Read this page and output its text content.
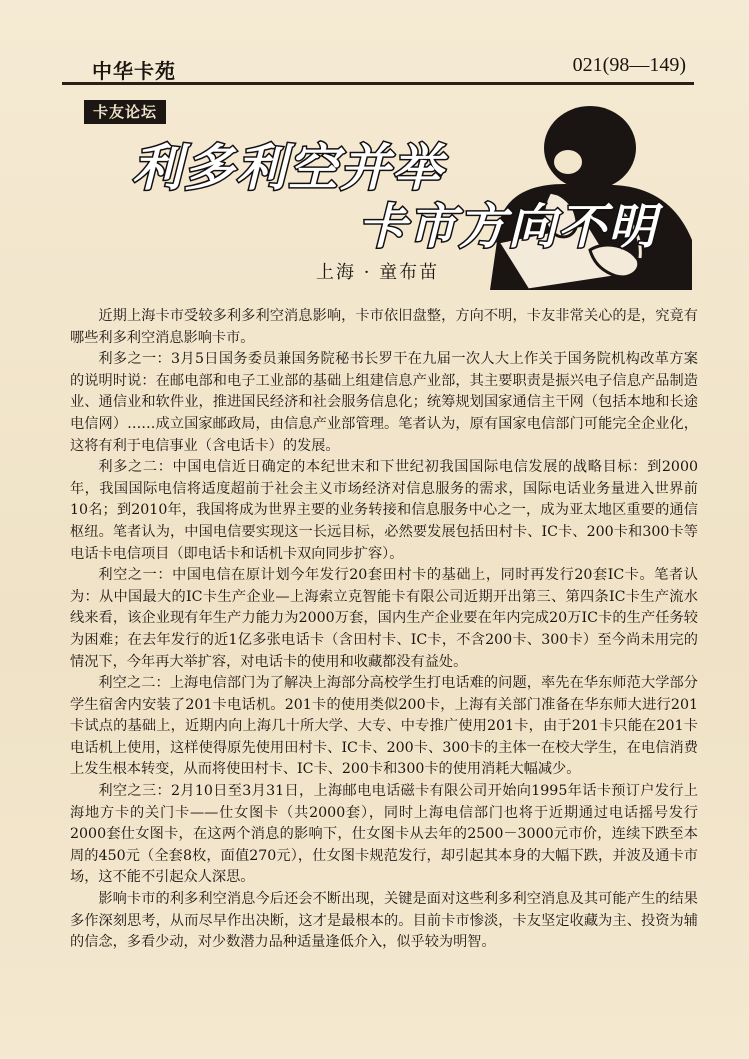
中华卡苑	021(98—149)
卡友论坛
利多利空并举
卡市方向不明
上海 · 童布苗

近期上海卡市受较多利多利空消息影响，卡市依旧盘整，方向不明，卡友非常关心的是，究竟有哪些利多利空消息影响卡市。

利多之一：3月5日国务委员兼国务院秘书长罗干在九届一次人大上作关于国务院机构改革方案的说明时说：在邮电部和电子工业部的基础上组建信息产业部，其主要职责是振兴电子信息产品制造业、通信业和软件业，推进国民经济和社会服务信息化；统筹规划国家通信主干网（包括本地和长途电信网）……成立国家邮政局，由信息产业部管理。笔者认为，原有国家电信部门可能完全企业化，这将有利于电信事业（含电话卡）的发展。

利多之二：中国电信近日确定的本纪世末和下世纪初我国国际电信发展的战略目标：到2000年，我国国际电信将适度超前于社会主义市场经济对信息服务的需求，国际电话业务量进入世界前10名；到2010年，我国将成为世界主要的业务转接和信息服务中心之一，成为亚太地区重要的通信枢纽。笔者认为，中国电信要实现这一长远目标，必然要发展包括田村卡、IC卡、200卡和300卡等电话卡电信项目（即电话卡和话机卡双向同步扩容）。

利空之一：中国电信在原计划今年发行20套田村卡的基础上，同时再发行20套IC卡。笔者认为：从中国最大的IC卡生产企业—上海索立克智能卡有限公司近期开出第三、第四条IC卡生产流水线来看，该企业现有年生产力能力为2000万套，国内生产企业要在年内完成20万IC卡的生产任务较为困难；在去年发行的近1亿多张电话卡（含田村卡、IC卡，不含200卡、300卡）至今尚未用完的情况下，今年再大举扩容，对电话卡的使用和收藏都没有益处。

利空之二：上海电信部门为了解决上海部分高校学生打电话难的问题，率先在华东师范大学部分学生宿舍内安装了201卡电话机。201卡的使用类似200卡，上海有关部门准备在华东师大进行201卡试点的基础上，近期内向上海几十所大学、大专、中专推广使用201卡，由于201卡只能在201卡电话机上使用，这样使得原先使用田村卡、IC卡、200卡、300卡的主体一在校大学生，在电信消费上发生根本转变，从而将使田村卡、IC卡、200卡和300卡的使用消耗大幅减少。

利空之三：2月10日至3月31日，上海邮电电话磁卡有限公司开始向1995年话卡预订户发行上海地方卡的关门卡——仕女图卡（共2000套），同时上海电信部门也将于近期通过电话摇号发行2000套仕女图卡，在这两个消息的影响下，仕女图卡从去年的2500－3000元市价，连续下跌至本周的450元（全套8枚，面值270元），仕女图卡规范发行，却引起其本身的大幅下跌，并波及通卡市场，这不能不引起众人深思。

影响卡市的利多利空消息今后还会不断出现，关键是面对这些利多利空消息及其可能产生的结果多作深刻思考，从而尽早作出决断，这才是最根本的。目前卡市惨淡，卡友坚定收藏为主、投资为辅的信念，多看少动，对少数潜力品种适量逢低介入，似乎较为明智。
